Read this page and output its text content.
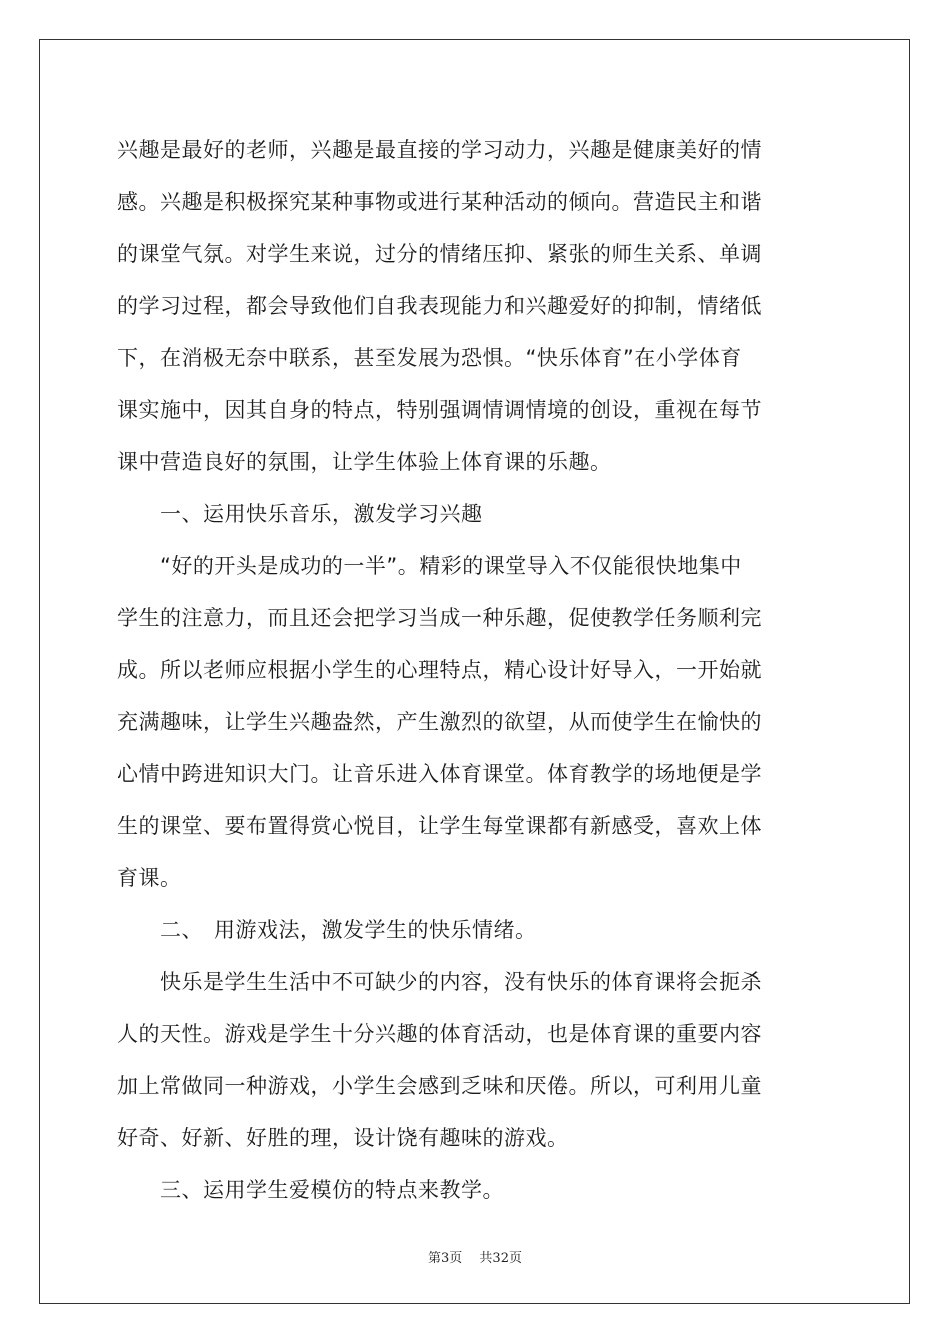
兴趣是最好的老师，兴趣是最直接的学习动力，兴趣是健康美好的情
感。兴趣是积极探究某种事物或进行某种活动的倾向。营造民主和谐
的课堂气氛。对学生来说，过分的情绪压抑、紧张的师生关系、单调
的学习过程，都会导致他们自我表现能力和兴趣爱好的抑制，情绪低
下，在消极无奈中联系，甚至发展为恐惧。“快乐体育”在小学体育
课实施中，因其自身的特点，特别强调情调情境的创设，重视在每节
课中营造良好的氛围，让学生体验上体育课的乐趣。
　　一、运用快乐音乐，激发学习兴趣
　　“好的开头是成功的一半”。精彩的课堂导入不仅能很快地集中
学生的注意力，而且还会把学习当成一种乐趣，促使教学任务顺利完
成。所以老师应根据小学生的心理特点，精心设计好导入，一开始就
充满趣味，让学生兴趣盎然，产生激烈的欲望，从而使学生在愉快的
心情中跨进知识大门。让音乐进入体育课堂。体育教学的场地便是学
生的课堂、要布置得赏心悦目，让学生每堂课都有新感受，喜欢上体
育课。
　　二、　用游戏法，激发学生的快乐情绪。
　　快乐是学生生活中不可缺少的内容，没有快乐的体育课将会扼杀
人的天性。游戏是学生十分兴趣的体育活动，也是体育课的重要内容
加上常做同一种游戏，小学生会感到乏味和厌倦。所以，可利用儿童
好奇、好新、好胜的理，设计饶有趣味的游戏。
　　三、运用学生爱模仿的特点来教学。
第3页　 共32页
